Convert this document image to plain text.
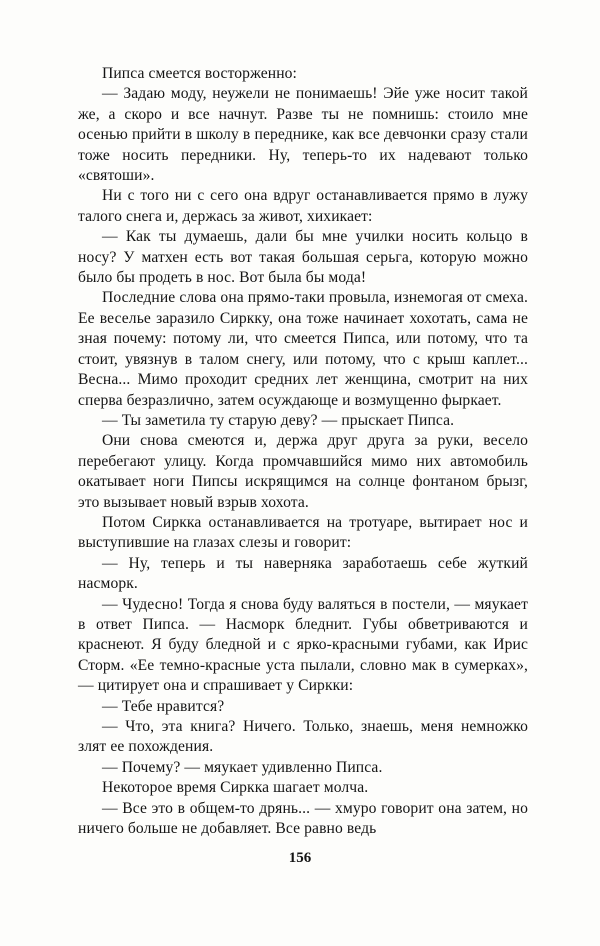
Пипса смеется восторженно:

— Задаю моду, неужели не понимаешь! Эйе уже носит такой же, а скоро и все начнут. Разве ты не помнишь: стоило мне осенью прийти в школу в переднике, как все девчонки сразу стали тоже носить передники. Ну, теперь-то их надевают только «святоши».

Ни с того ни с сего она вдруг останавливается прямо в лужу талого снега и, держась за живот, хихикает:

— Как ты думаешь, дали бы мне училки носить кольцо в носу? У матхен есть вот такая большая серьга, которую можно было бы продеть в нос. Вот была бы мода!

Последние слова она прямо-таки провыла, изнемогая от смеха. Ее веселье заразило Сирккy, она тоже начинает хохотать, сама не зная почему: потому ли, что смеется Пипса, или потому, что та стоит, увязнув в талом снегу, или потому, что с крыш каплет... Весна... Мимо проходит средних лет женщина, смотрит на них сперва безразлично, затем осуждающе и возмущенно фыркает.

— Ты заметила ту старую деву? — прыскает Пипса.

Они снова смеются и, держа друг друга за руки, весело перебегают улицу. Когда промчавшийся мимо них автомобиль окатывает ноги Пипсы искрящимся на солнце фонтаном брызг, это вызывает новый взрыв хохота.

Потом Сиркка останавливается на тротуаре, вытирает нос и выступившие на глазах слезы и говорит:

— Ну, теперь и ты наверняка заработаешь себе жуткий насморк.

— Чудесно! Тогда я снова буду валяться в постели, — мяукает в ответ Пипса. — Насморк бледнит. Губы обветриваются и краснеют. Я буду бледной и с ярко-красными губами, как Ирис Сторм. «Ее темно-красные уста пылали, словно мак в сумерках», — цитирует она и спрашивает у Сиркки:

— Тебе нравится?

— Что, эта книга? Ничего. Только, знаешь, меня немножко злят ее похождения.

— Почему? — мяукает удивленно Пипса.

Некоторое время Сиркка шагает молча.

— Все это в общем-то дрянь... — хмуро говорит она затем, но ничего больше не добавляет. Все равно ведь

156
